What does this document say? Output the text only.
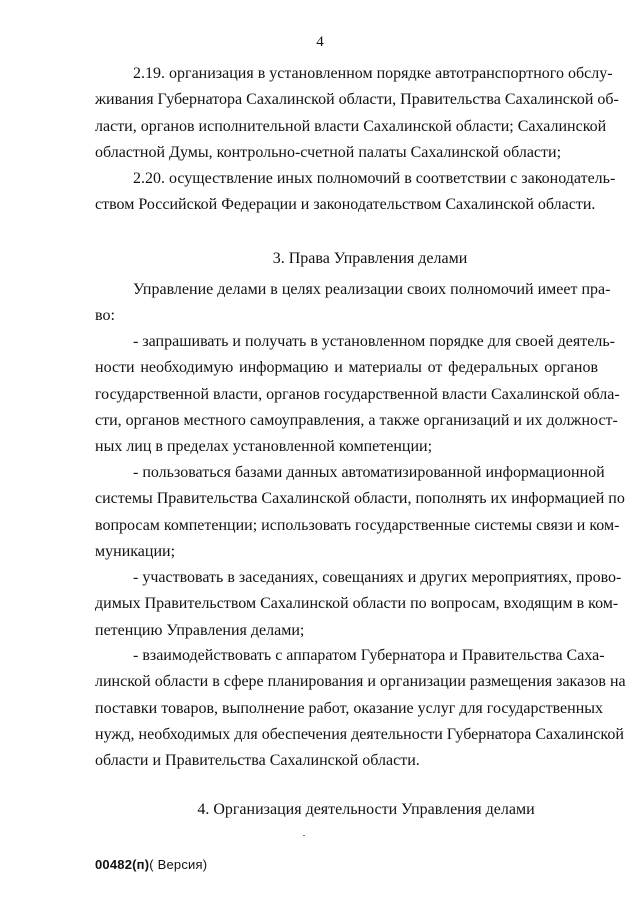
4
2.19. организация в установленном порядке автотранспортного обслу-
живания Губернатора Сахалинской области, Правительства Сахалинской об-
ласти, органов исполнительной власти Сахалинской области; Сахалинской
областной Думы, контрольно-счетной палаты Сахалинской области;
2.20. осуществление иных полномочий в соответствии с законодатель-
ством Российской Федерации и законодательством Сахалинской области.
3. Права Управления делами
Управление делами в целях реализации своих полномочий имеет пра-
во:
- запрашивать и получать в установленном порядке для своей деятель-
ности необходимую информацию и материалы от федеральных органов
государственной власти, органов государственной власти Сахалинской обла-
сти, органов местного самоуправления, а также организаций и их должност-
ных лиц в пределах установленной компетенции;
- пользоваться базами данных автоматизированной информационной
системы Правительства Сахалинской области, пополнять их информацией по
вопросам компетенции; использовать государственные системы связи и ком-
муникации;
- участвовать в заседаниях, совещаниях и других мероприятиях, прово-
димых Правительством Сахалинской области по вопросам, входящим в ком-
петенцию Управления делами;
- взаимодействовать с аппаратом Губернатора и Правительства Саха-
линской области в сфере планирования и организации размещения заказов на
поставки товаров, выполнение работ, оказание услуг для государственных
нужд, необходимых для обеспечения деятельности Губернатора Сахалинской
области и Правительства Сахалинской области.
4. Организация деятельности Управления делами
00482(п)( Версия)
